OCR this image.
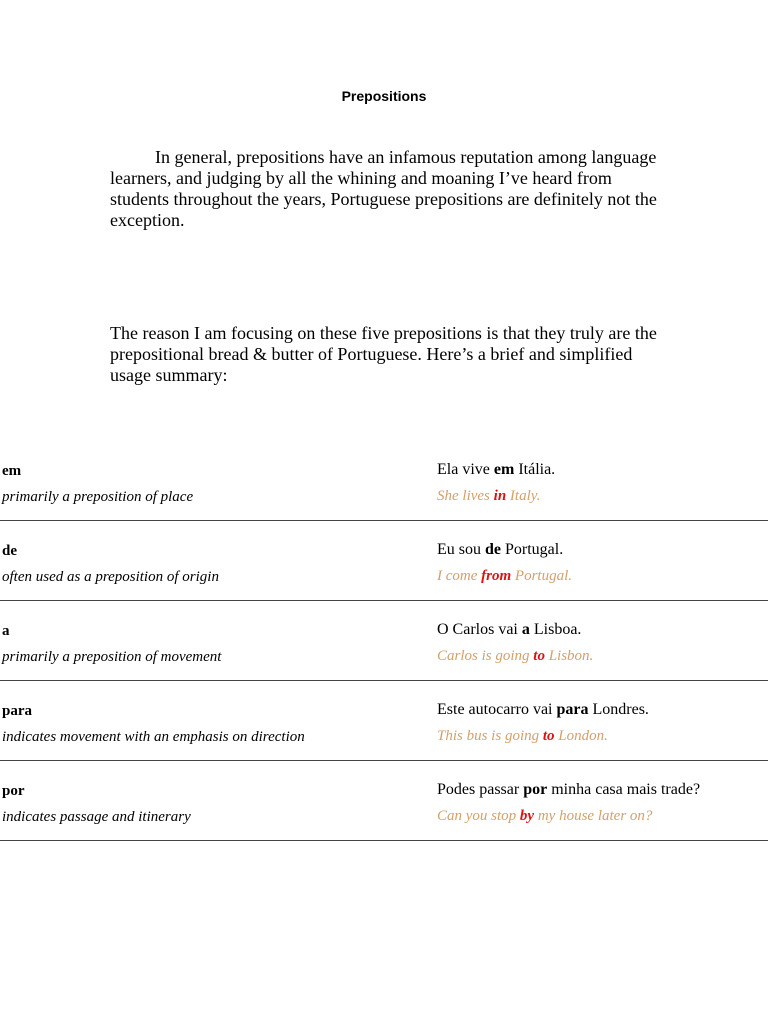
Prepositions

In general, prepositions have an infamous reputation among language learners, and judging by all the whining and moaning I’ve heard from students throughout the years, Portuguese prepositions are definitely not the exception.

The reason I am focusing on these five prepositions is that they truly are the prepositional bread & butter of Portuguese. Here’s a brief and simplified usage summary:

em
primarily a preposition of place
Ela vive em Itália.
She lives in Italy.
de
often used as a preposition of origin
Eu sou de Portugal.
I come from Portugal.
a
primarily a preposition of movement
O Carlos vai a Lisboa.
Carlos is going to Lisbon.
para
indicates movement with an emphasis on direction
Este autocarro vai para Londres.
This bus is going to London.
por
indicates passage and itinerary
Podes passar por minha casa mais trade?
Can you stop by my house later on?
